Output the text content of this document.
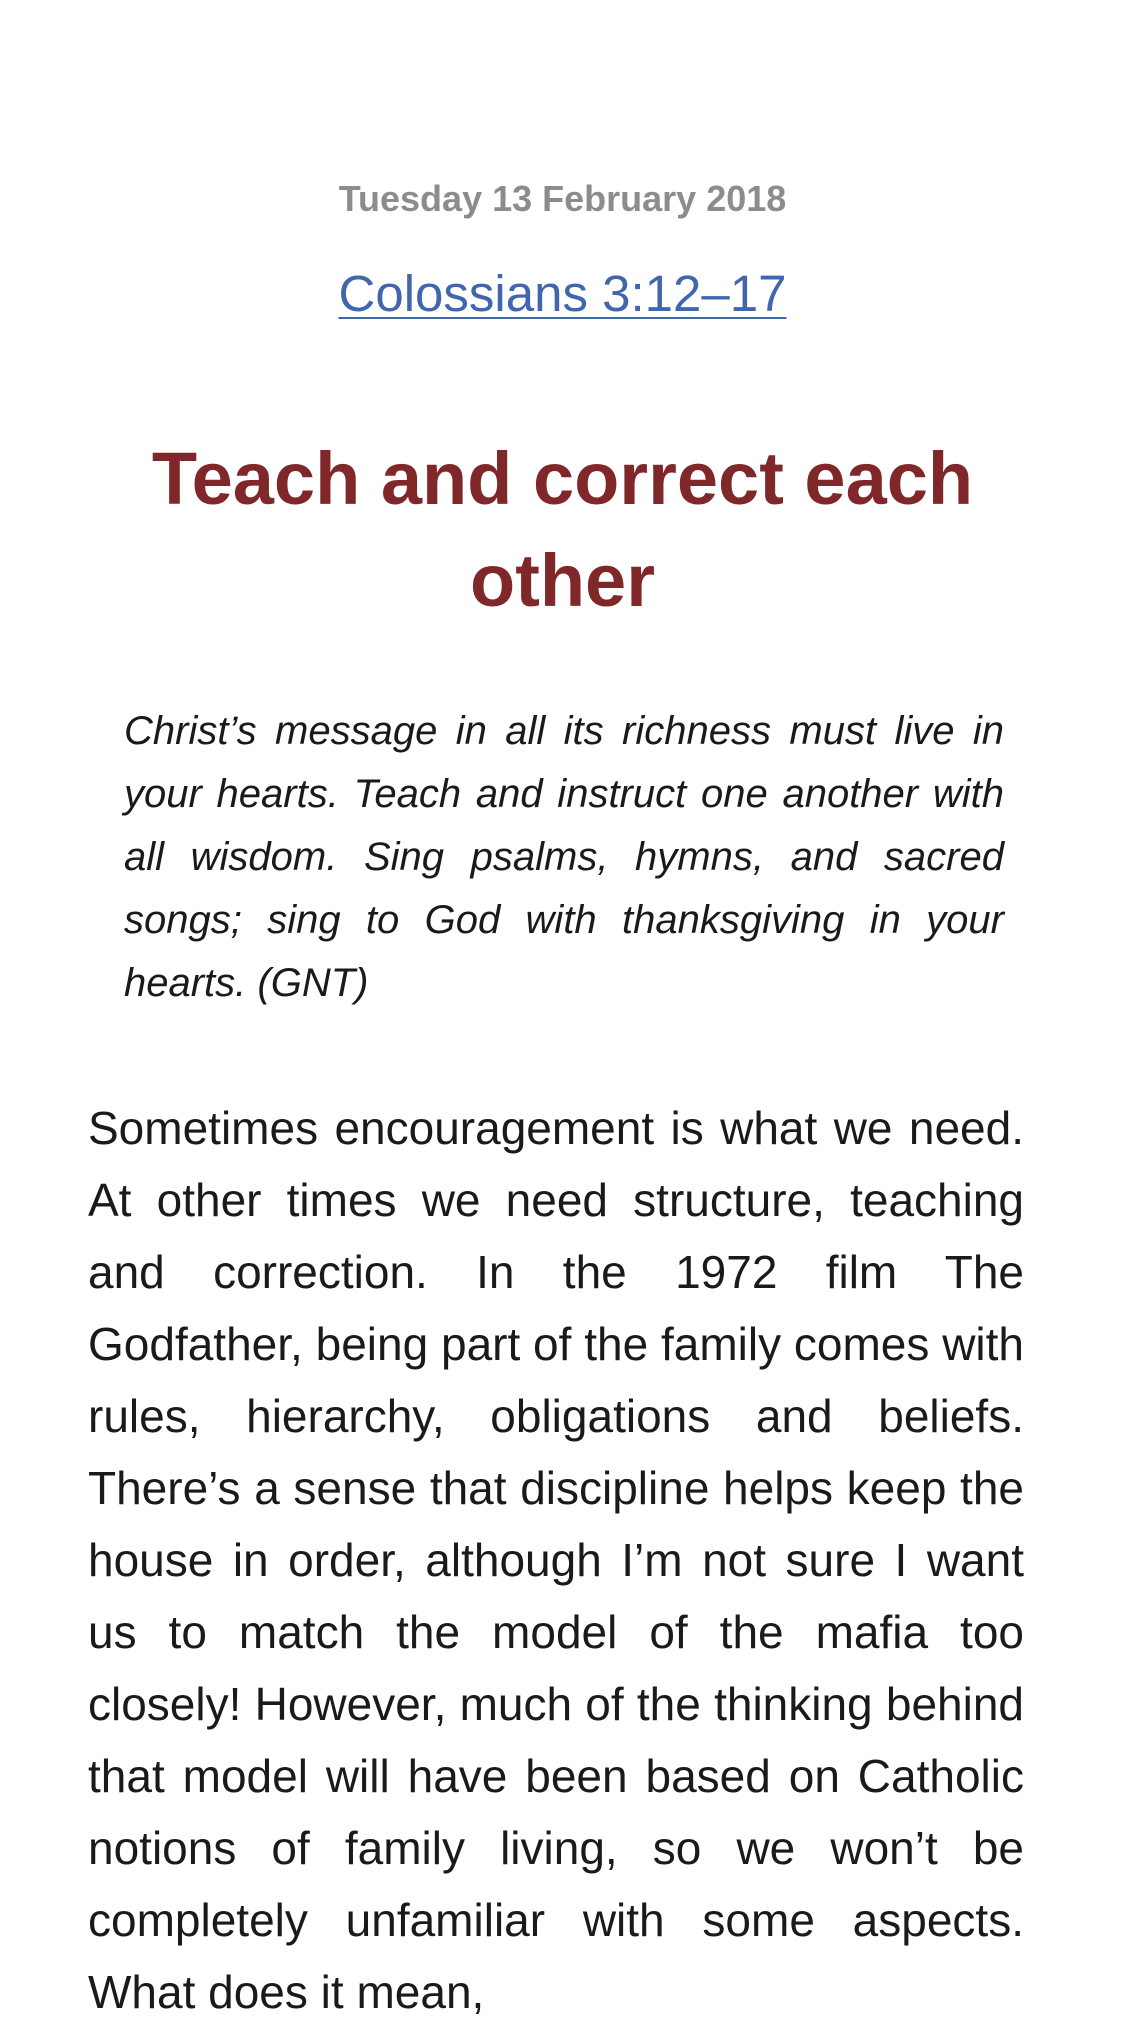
Tuesday 13 February 2018
Colossians 3:12–17
Teach and correct each other

Christ’s message in all its richness must live in your hearts. Teach and instruct one another with all wisdom. Sing psalms, hymns, and sacred songs; sing to God with thanksgiving in your hearts. (GNT)

Sometimes encouragement is what we need. At other times we need structure, teaching and correction. In the 1972 film The Godfather, being part of the family comes with rules, hierarchy, obligations and beliefs. There’s a sense that discipline helps keep the house in order, although I’m not sure I want us to match the model of the mafia too closely! However, much of the thinking behind that model will have been based on Catholic notions of family living, so we won’t be completely unfamiliar with some aspects. What does it mean,
